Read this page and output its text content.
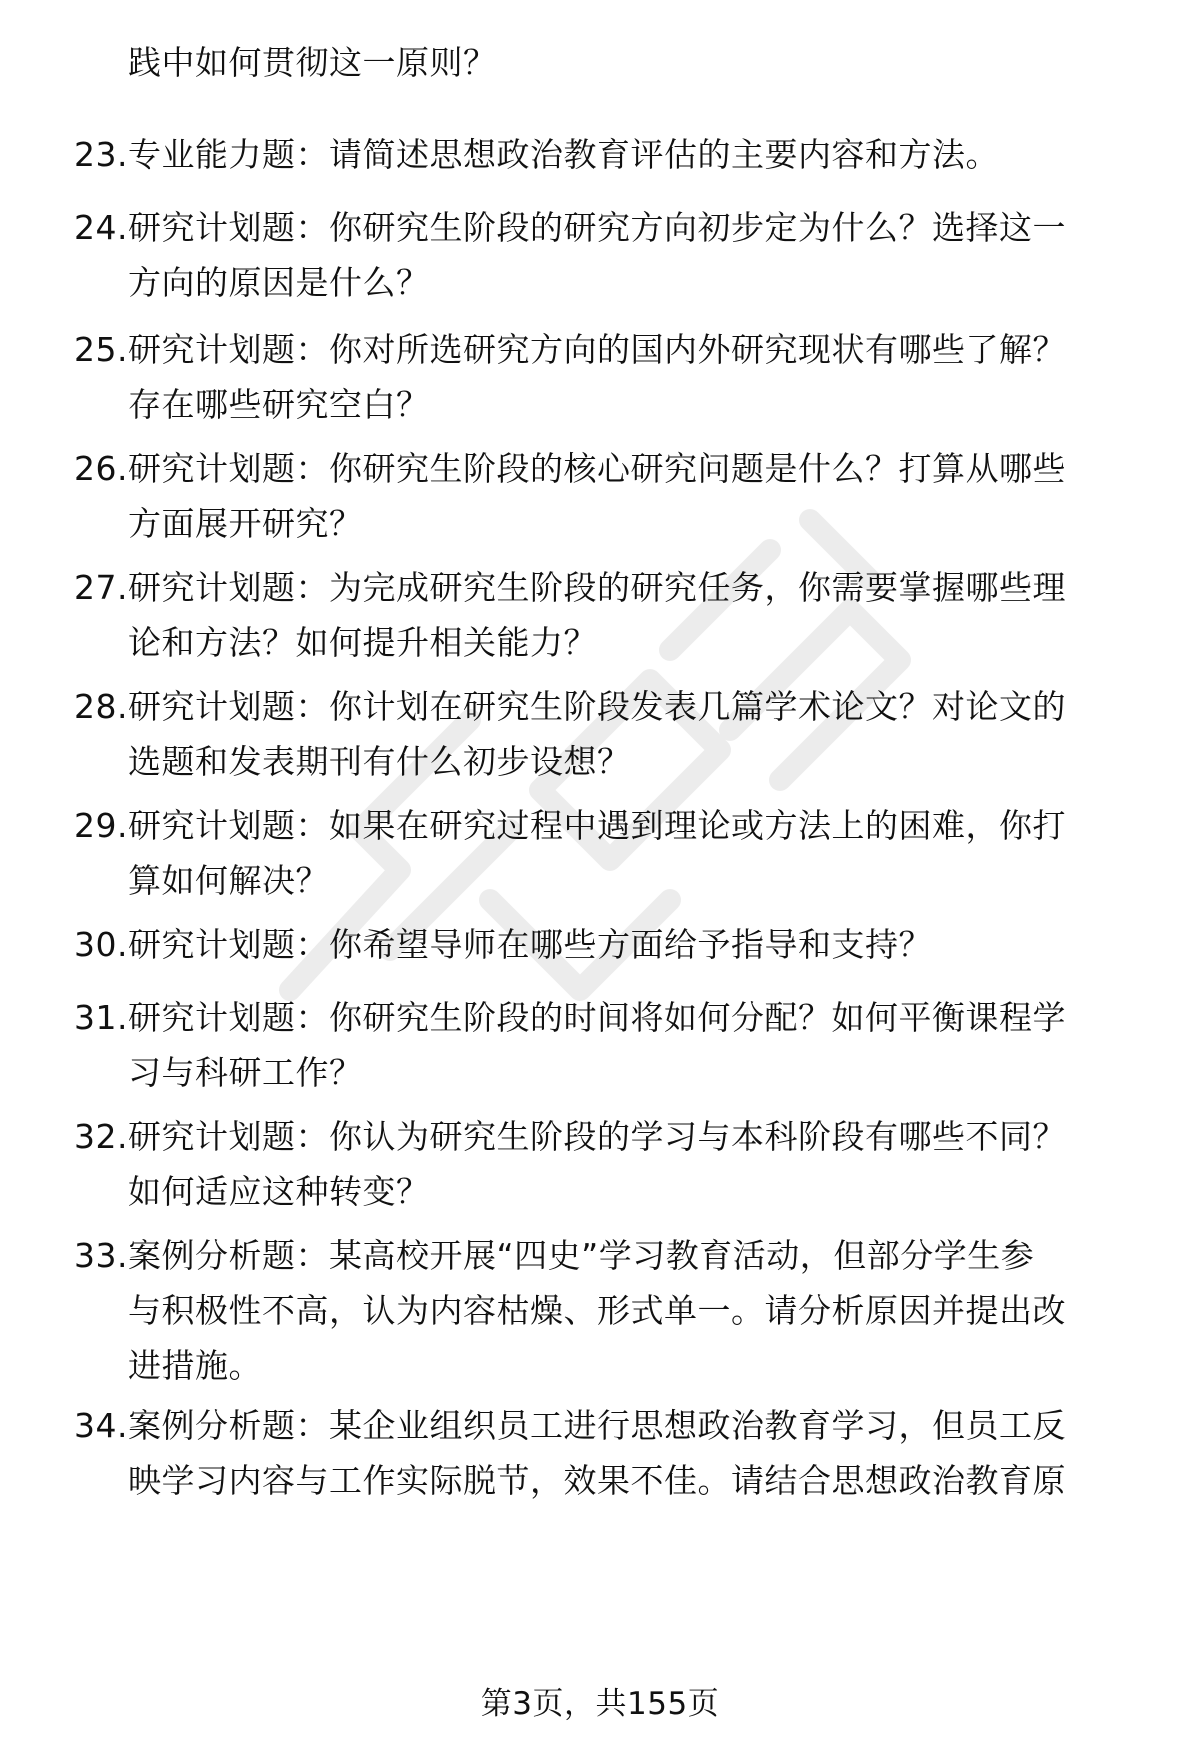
践中如何贯彻这一原则？
23. 专业能力题：请简述思想政治教育评估的主要内容和方法。
24. 研究计划题：你研究生阶段的研究方向初步定为什么？选择这一
方向的原因是什么？
25. 研究计划题：你对所选研究方向的国内外研究现状有哪些了解？
存在哪些研究空白？
26. 研究计划题：你研究生阶段的核心研究问题是什么？打算从哪些
方面展开研究？
27. 研究计划题：为完成研究生阶段的研究任务，你需要掌握哪些理
论和方法？如何提升相关能力？
28. 研究计划题：你计划在研究生阶段发表几篇学术论文？对论文的
选题和发表期刊有什么初步设想？
29. 研究计划题：如果在研究过程中遇到理论或方法上的困难，你打
算如何解决？
30. 研究计划题：你希望导师在哪些方面给予指导和支持？
31. 研究计划题：你研究生阶段的时间将如何分配？如何平衡课程学
习与科研工作？
32. 研究计划题：你认为研究生阶段的学习与本科阶段有哪些不同？
如何适应这种转变？
33. 案例分析题：某高校开展“四史”学习教育活动，但部分学生参
与积极性不高，认为内容枯燥、形式单一。请分析原因并提出改
进措施。
34. 案例分析题：某企业组织员工进行思想政治教育学习，但员工反
映学习内容与工作实际脱节，效果不佳。请结合思想政治教育原
第3页，共155页
